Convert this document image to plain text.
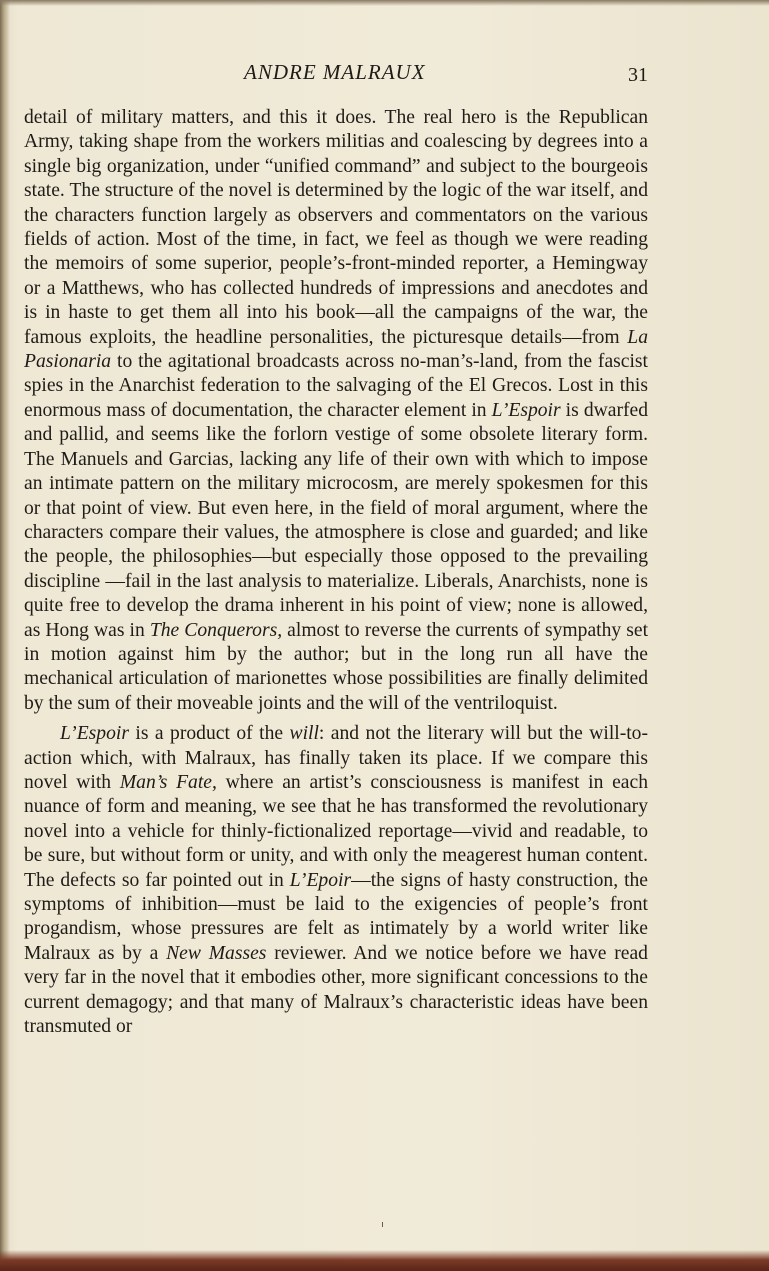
ANDRE MALRAUX	31

detail of military matters, and this it does. The real hero is the Republican Army, taking shape from the workers militias and coalescing by degrees into a single big organization, under “unified command” and subject to the bourgeois state. The structure of the novel is determined by the logic of the war itself, and the characters function largely as observers and commentators on the various fields of action. Most of the time, in fact, we feel as though we were reading the memoirs of some superior, people’s-front-minded reporter, a Hemingway or a Matthews, who has collected hundreds of impressions and anecdotes and is in haste to get them all into his book—all the campaigns of the war, the famous exploits, the headline personalities, the picturesque details—from La Pasionaria to the agitational broadcasts across no-man’s-land, from the fascist spies in the Anarchist federation to the salvaging of the El Grecos. Lost in this enormous mass of documentation, the character element in L’Espoir is dwarfed and pallid, and seems like the forlorn vestige of some obsolete literary form. The Manuels and Garcias, lacking any life of their own with which to impose an intimate pattern on the military microcosm, are merely spokesmen for this or that point of view. But even here, in the field of moral argument, where the characters compare their values, the atmosphere is close and guarded; and like the people, the philosophies—but especially those opposed to the prevailing discipline —fail in the last analysis to materialize. Liberals, Anarchists, none is quite free to develop the drama inherent in his point of view; none is allowed, as Hong was in The Conquerors, almost to reverse the currents of sympathy set in motion against him by the author; but in the long run all have the mechanical articulation of marionettes whose possibilities are finally delimited by the sum of their moveable joints and the will of the ventriloquist.

L’Espoir is a product of the will: and not the literary will but the will-to-action which, with Malraux, has finally taken its place. If we compare this novel with Man’s Fate, where an artist’s consciousness is manifest in each nuance of form and meaning, we see that he has transformed the revolutionary novel into a vehicle for thinly-fictionalized reportage—vivid and readable, to be sure, but without form or unity, and with only the meagerest human content. The defects so far pointed out in L’Epoir—the signs of hasty construction, the symptoms of inhibition—must be laid to the exigencies of people’s front progandism, whose pressures are felt as intimately by a world writer like Malraux as by a New Masses reviewer. And we notice before we have read very far in the novel that it embodies other, more significant concessions to the current demagogy; and that many of Malraux’s characteristic ideas have been transmuted or
